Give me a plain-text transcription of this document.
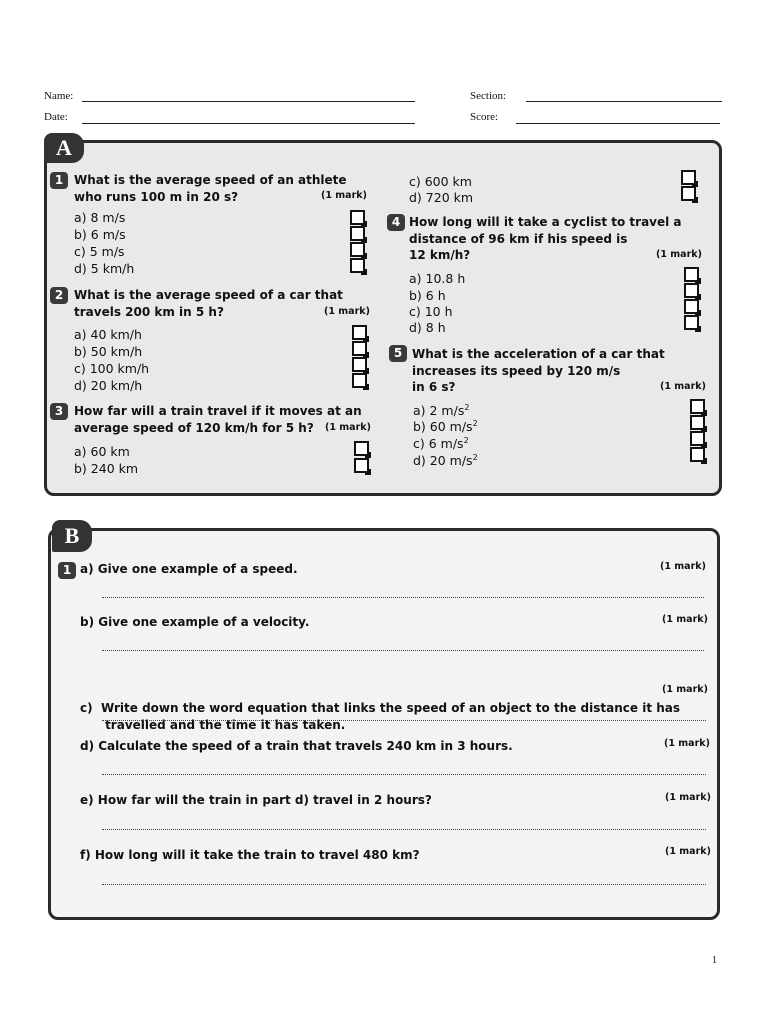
Name:	Section:
Date:	Score:
A
1 What is the average speed of an athlete
who runs 100 m in 20 s?	(1 mark)
a) 8 m/s
b) 6 m/s
c) 5 m/s
d) 5 km/h
2 What is the average speed of a car that
travels 200 km in 5 h?	(1 mark)
a) 40 km/h
b) 50 km/h
c) 100 km/h
d) 20 km/h
3 How far will a train travel if it moves at an
average speed of 120 km/h for 5 h?	(1 mark)
a) 60 km
b) 240 km
c) 600 km
d) 720 km
4 How long will it take a cyclist to travel a
distance of 96 km if his speed is
12 km/h?	(1 mark)
a) 10.8 h
b) 6 h
c) 10 h
d) 8 h
5 What is the acceleration of a car that
increases its speed by 120 m/s
in 6 s?	(1 mark)
a) 2 $m/s^2$
b) 60 $m/s^2$
c) 6 $m/s^2$
d) 20 $m/s^2$
B
1 a) Give one example of a speed.	(1 mark)
b) Give one example of a velocity.	(1 mark)

c)  Write down the word equation that links the speed of an object to the distance it has
travelled and the time it has taken.

(1 mark)
d) Calculate the speed of a train that travels 240 km in 3 hours.	(1 mark)
e) How far will the train in part d) travel in 2 hours?	(1 mark)
f) How long will it take the train to travel 480 km?	(1 mark)
1
